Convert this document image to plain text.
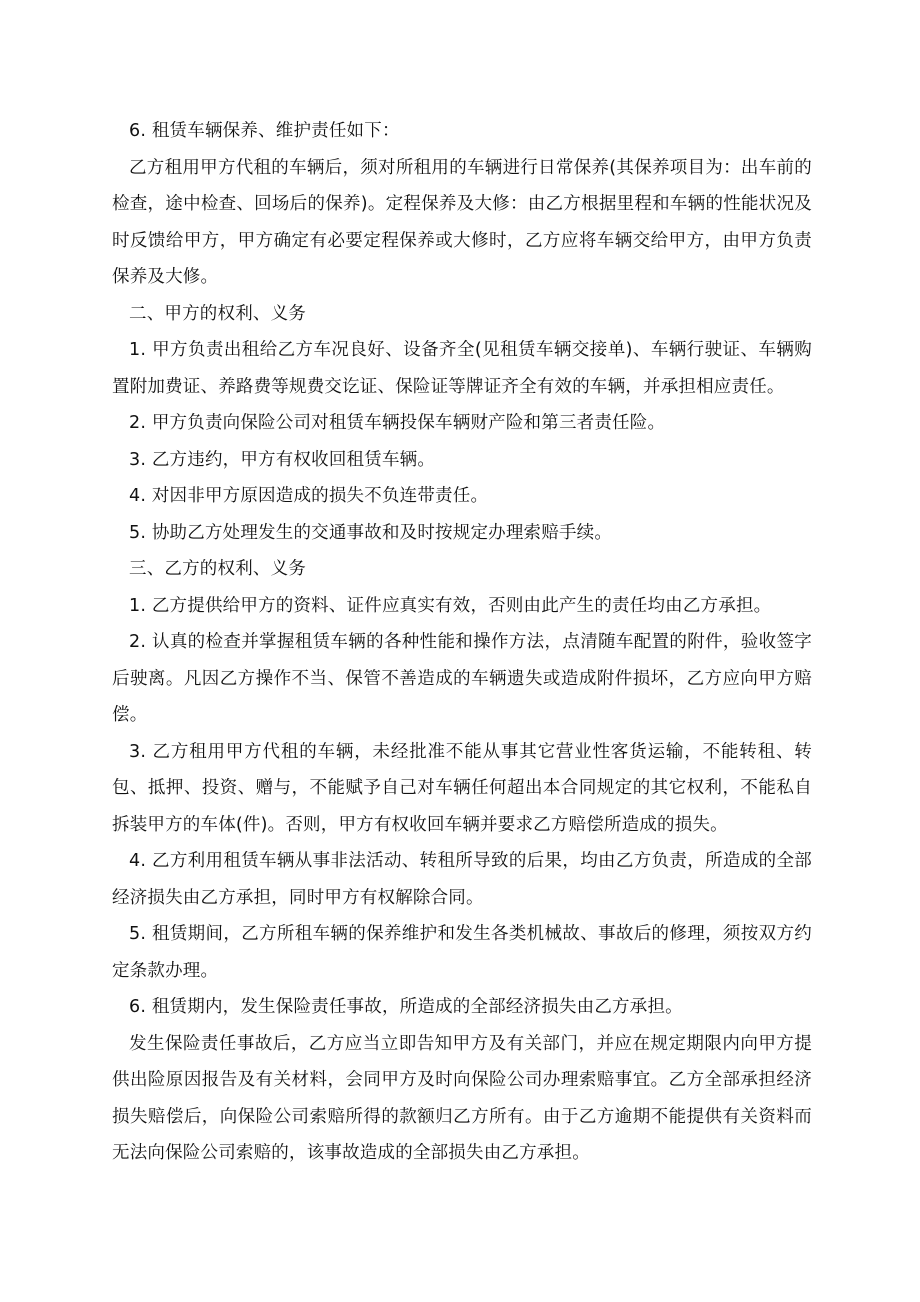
6. 租赁车辆保养、维护责任如下：

乙方租用甲方代租的车辆后，须对所租用的车辆进行日常保养(其保养项目为：出车前的检查，途中检查、回场后的保养)。定程保养及大修：由乙方根据里程和车辆的性能状况及时反馈给甲方，甲方确定有必要定程保养或大修时，乙方应将车辆交给甲方，由甲方负责保养及大修。

二、甲方的权利、义务

1. 甲方负责出租给乙方车况良好、设备齐全(见租赁车辆交接单)、车辆行驶证、车辆购置附加费证、养路费等规费交讫证、保险证等牌证齐全有效的车辆，并承担相应责任。

2. 甲方负责向保险公司对租赁车辆投保车辆财产险和第三者责任险。

3. 乙方违约，甲方有权收回租赁车辆。

4. 对因非甲方原因造成的损失不负连带责任。

5. 协助乙方处理发生的交通事故和及时按规定办理索赔手续。

三、乙方的权利、义务

1. 乙方提供给甲方的资料、证件应真实有效，否则由此产生的责任均由乙方承担。

2. 认真的检查并掌握租赁车辆的各种性能和操作方法，点清随车配置的附件，验收签字后驶离。凡因乙方操作不当、保管不善造成的车辆遗失或造成附件损坏，乙方应向甲方赔偿。

3. 乙方租用甲方代租的车辆，未经批准不能从事其它营业性客货运输，不能转租、转包、抵押、投资、赠与，不能赋予自己对车辆任何超出本合同规定的其它权利，不能私自拆装甲方的车体(件)。否则，甲方有权收回车辆并要求乙方赔偿所造成的损失。

4. 乙方利用租赁车辆从事非法活动、转租所导致的后果，均由乙方负责，所造成的全部经济损失由乙方承担，同时甲方有权解除合同。

5. 租赁期间，乙方所租车辆的保养维护和发生各类机械故、事故后的修理，须按双方约定条款办理。

6. 租赁期内，发生保险责任事故，所造成的全部经济损失由乙方承担。

发生保险责任事故后，乙方应当立即告知甲方及有关部门，并应在规定期限内向甲方提供出险原因报告及有关材料，会同甲方及时向保险公司办理索赔事宜。乙方全部承担经济损失赔偿后，向保险公司索赔所得的款额归乙方所有。由于乙方逾期不能提供有关资料而无法向保险公司索赔的，该事故造成的全部损失由乙方承担。
